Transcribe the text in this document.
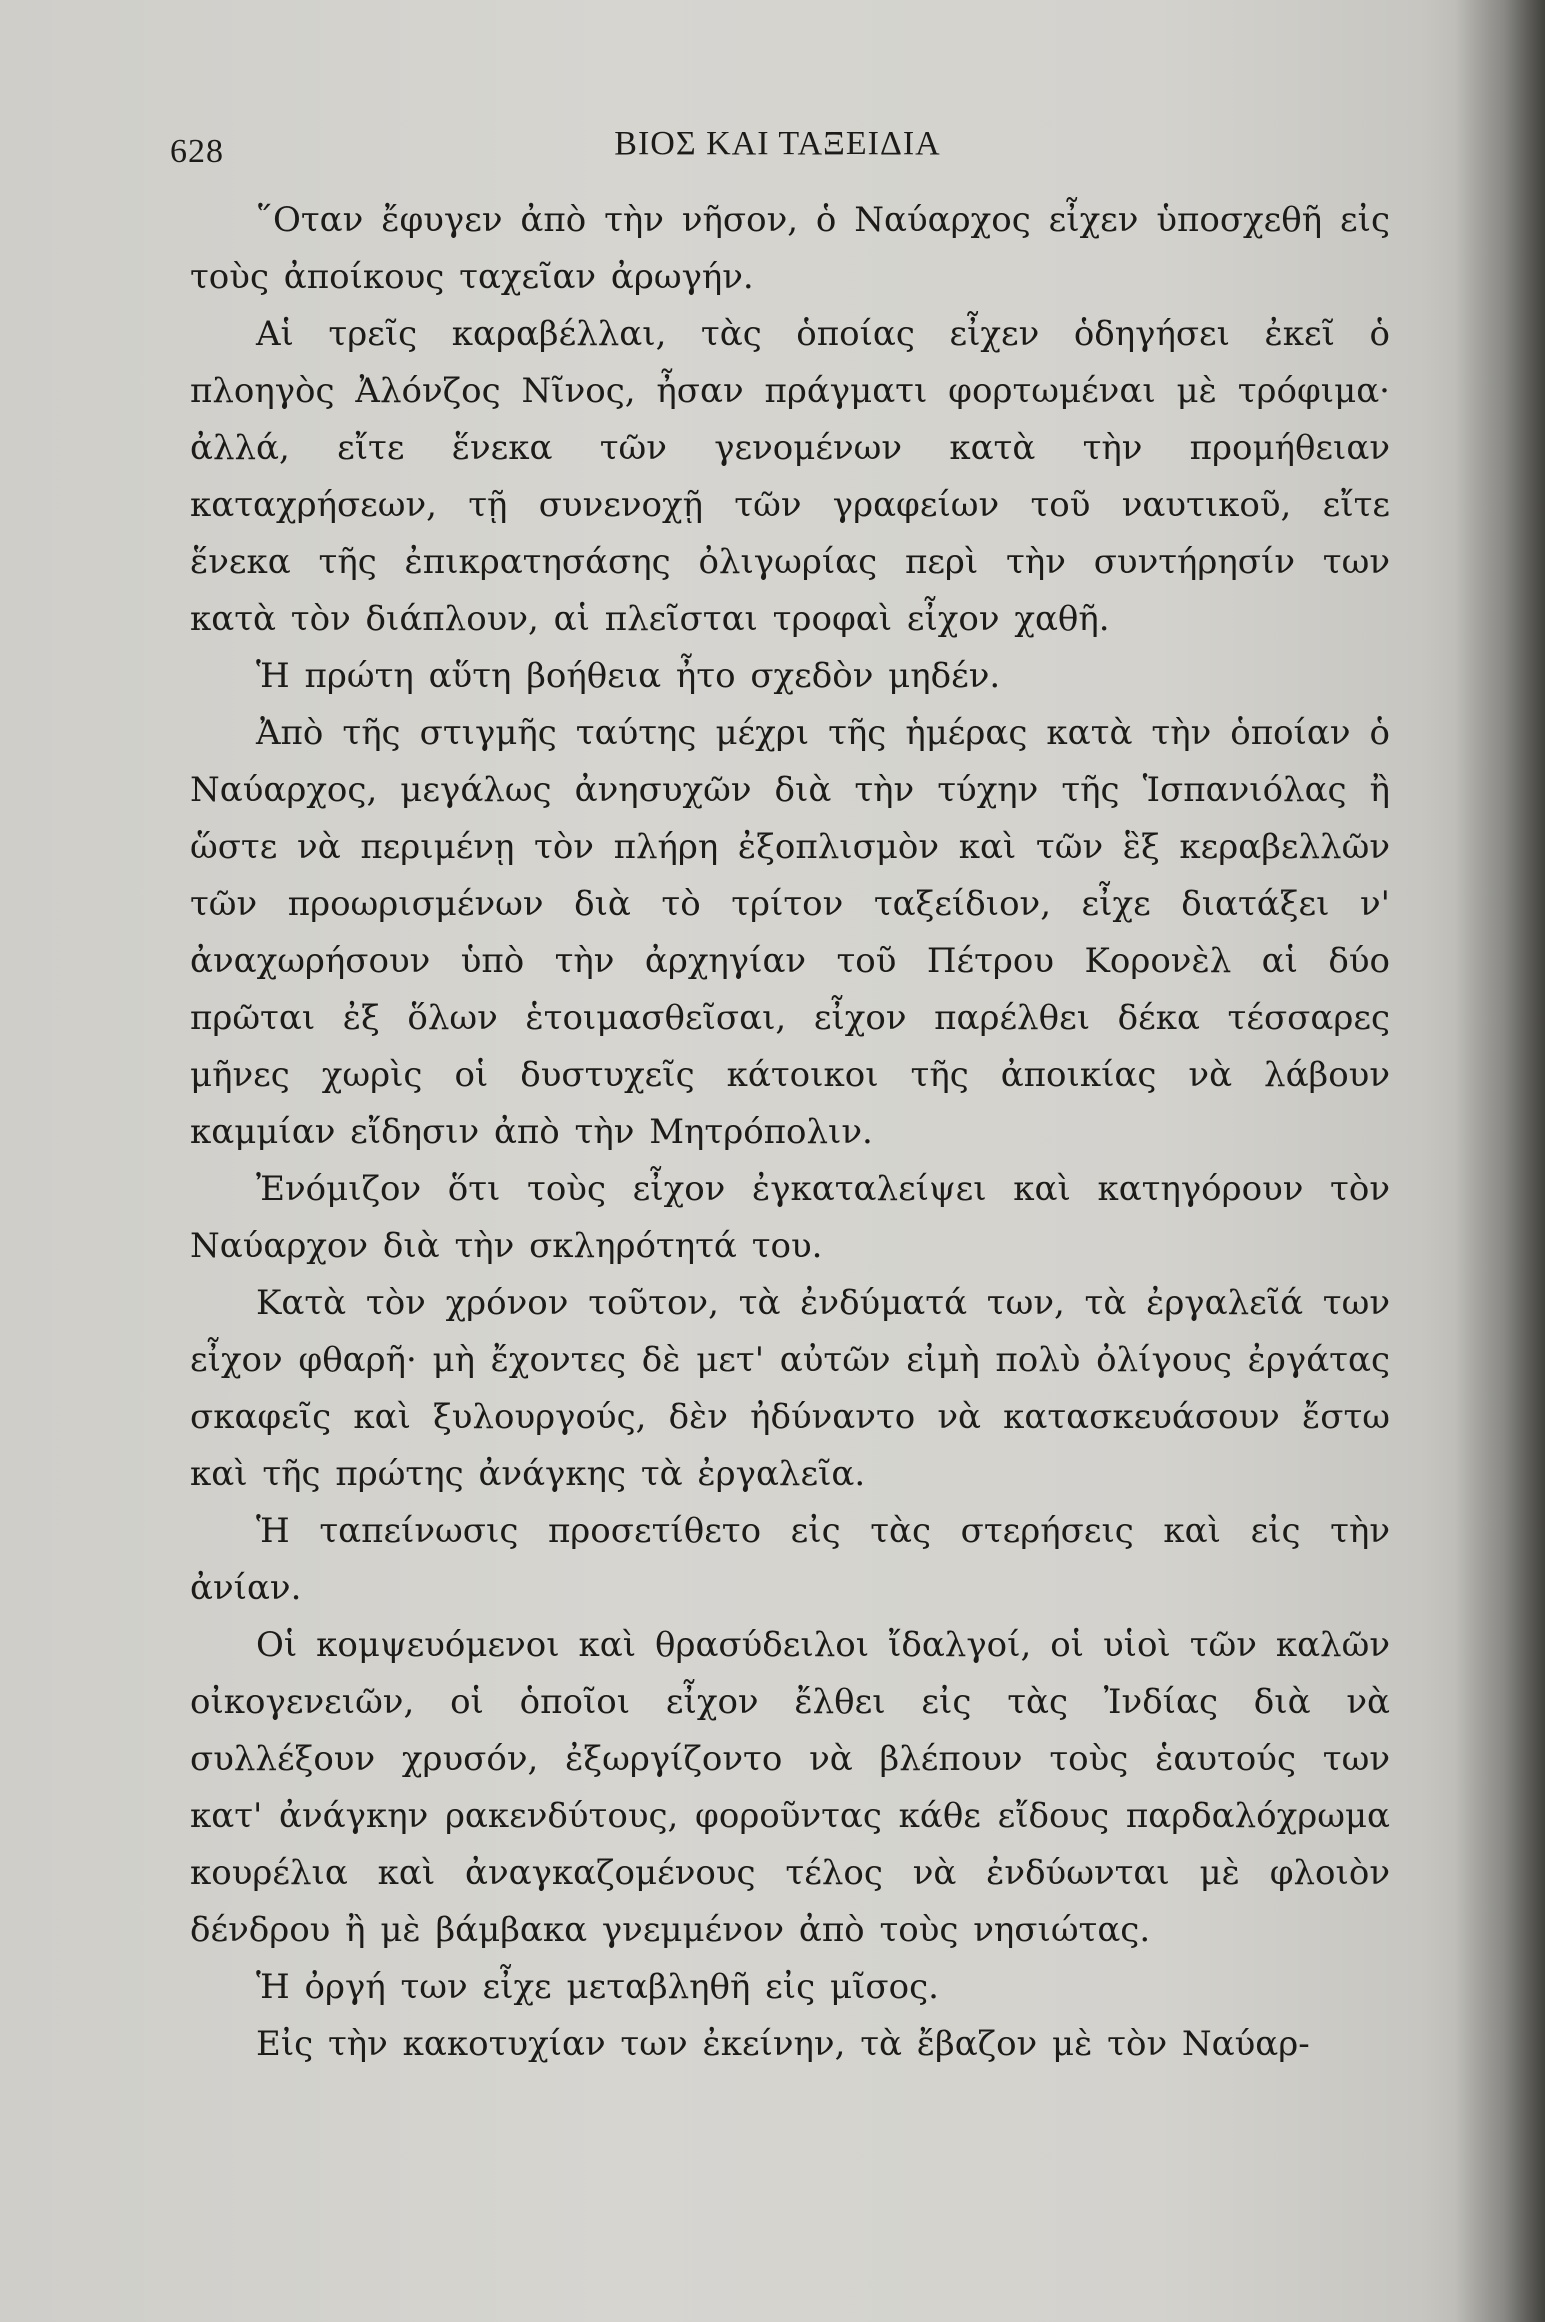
628	ΒΙΟΣ ΚΑΙ ΤΑΞΕΙΔΙΑ

῞Οταν ἔφυγεν ἀπὸ τὴν νῆσον, ὁ Ναύαρχος εἶχεν ὑποσχεθῆ εἰς τοὺς ἀποίκους ταχεῖαν ἀρωγήν.

Αἱ τρεῖς καραβέλλαι, τὰς ὁποίας εἶχεν ὁδηγήσει ἐκεῖ ὁ πλοηγὸς Ἀλόνζος Νῖνος, ἦσαν πράγματι φορτωμέναι μὲ τρόφιμα· ἀλλά, εἴτε ἕνεκα τῶν γενομένων κατὰ τὴν προμήθειαν καταχρήσεων, τῇ συνενοχῇ τῶν γραφείων τοῦ ναυτικοῦ, εἴτε ἕνεκα τῆς ἐπικρατησάσης ὀλιγωρίας περὶ τὴν συντήρησίν των κατὰ τὸν διάπλουν, αἱ πλεῖσται τροφαὶ εἶχον χαθῆ.

Ἡ πρώτη αὕτη βοήθεια ἦτο σχεδὸν μηδέν.

Ἀπὸ τῆς στιγμῆς ταύτης μέχρι τῆς ἡμέρας κατὰ τὴν ὁποίαν ὁ Ναύαρχος, μεγάλως ἀνησυχῶν διὰ τὴν τύχην τῆς Ἱσπανιόλας ἢ ὥστε νὰ περιμένῃ τὸν πλήρη ἐξοπλισμὸν καὶ τῶν ἓξ κεραβελλῶν τῶν προωρισμένων διὰ τὸ τρίτον ταξείδιον, εἶχε διατάξει ν' ἀναχωρήσουν ὑπὸ τὴν ἀρχηγίαν τοῦ Πέτρου Κορονὲλ αἱ δύο πρῶται ἐξ ὅλων ἑτοιμασθεῖσαι, εἶχον παρέλθει δέκα τέσσαρες μῆνες χωρὶς οἱ δυστυχεῖς κάτοικοι τῆς ἀποικίας νὰ λάβουν καμμίαν εἴδησιν ἀπὸ τὴν Μητρόπολιν.

Ἐνόμιζον ὅτι τοὺς εἶχον ἐγκαταλείψει καὶ κατηγόρουν τὸν Ναύαρχον διὰ τὴν σκληρότητά του.

Κατὰ τὸν χρόνον τοῦτον, τὰ ἐνδύματά των, τὰ ἐργαλεῖά των εἶχον φθαρῆ· μὴ ἔχοντες δὲ μετ' αὐτῶν εἰμὴ πολὺ ὀλίγους ἐργάτας σκαφεῖς καὶ ξυλουργούς, δὲν ἠδύναντο νὰ κατασκευάσουν ἔστω καὶ τῆς πρώτης ἀνάγκης τὰ ἐργαλεῖα.

Ἡ ταπείνωσις προσετίθετο εἰς τὰς στερήσεις καὶ εἰς τὴν ἀνίαν.

Οἱ κομψευόμενοι καὶ θρασύδειλοι ἴδαλγοί, οἱ υἱοὶ τῶν καλῶν οἰκογενειῶν, οἱ ὁποῖοι εἶχον ἔλθει εἰς τὰς Ἰνδίας διὰ νὰ συλλέξουν χρυσόν, ἐξωργίζοντο νὰ βλέπουν τοὺς ἑαυτούς των κατ' ἀνάγκην ρακενδύτους, φοροῦντας κάθε εἴδους παρδαλόχρωμα κουρέλια καὶ ἀναγκαζομένους τέλος νὰ ἐνδύωνται μὲ φλοιὸν δένδρου ἢ μὲ βάμβακα γνεμμένον ἀπὸ τοὺς νησιώτας.

Ἡ ὀργή των εἶχε μεταβληθῆ εἰς μῖσος.

Εἰς τὴν κακοτυχίαν των ἐκείνην, τὰ ἔβαζον μὲ τὸν Ναύαρ-
